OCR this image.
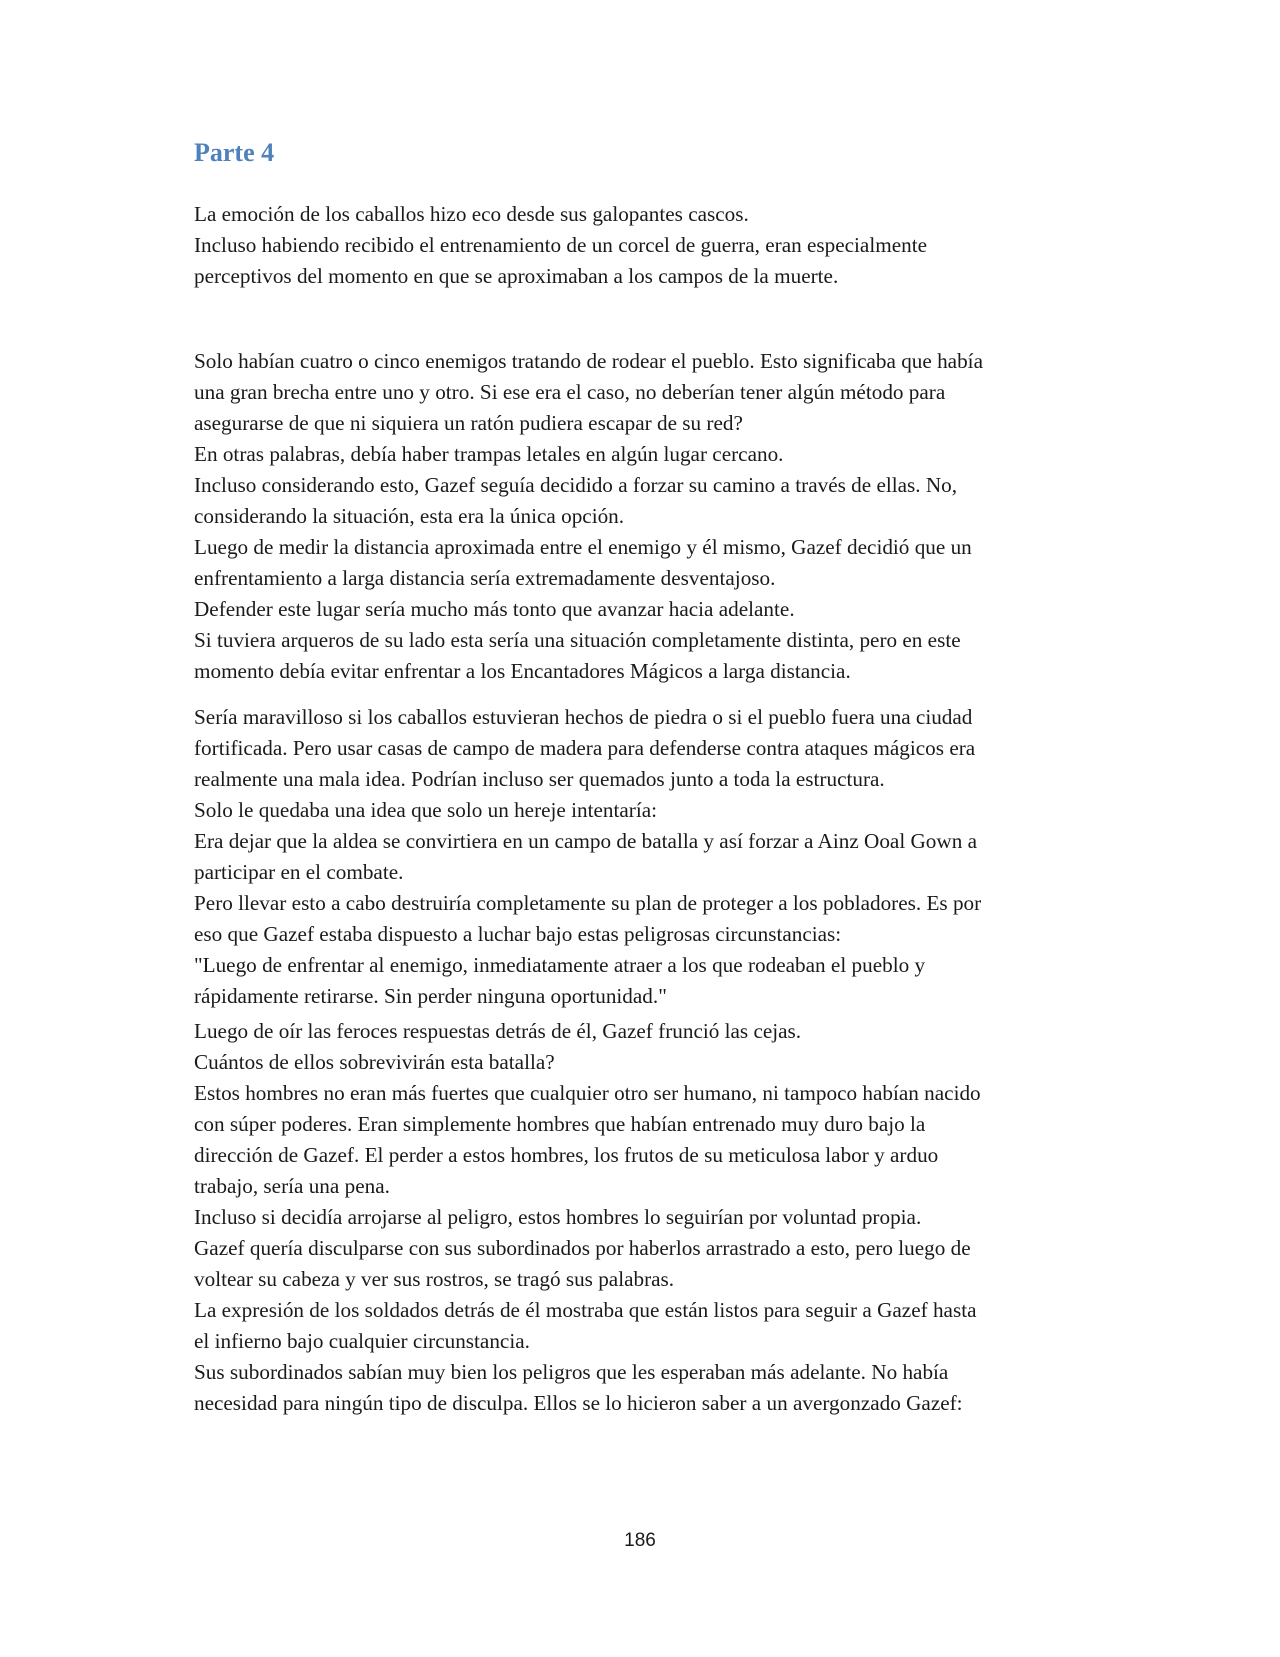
Parte 4
La emoción de los caballos hizo eco desde sus galopantes cascos.
Incluso habiendo recibido el entrenamiento de un corcel de guerra, eran especialmente
perceptivos del momento en que se aproximaban a los campos de la muerte.
Solo habían cuatro o cinco enemigos tratando de rodear el pueblo. Esto significaba que había
una gran brecha entre uno y otro. Si ese era el caso, no deberían tener algún método para
asegurarse de que ni siquiera un ratón pudiera escapar de su red?
En otras palabras, debía haber trampas letales en algún lugar cercano.
Incluso considerando esto, Gazef seguía decidido a forzar su camino a través de ellas. No,
considerando la situación, esta era la única opción.
Luego de medir la distancia aproximada entre el enemigo y él mismo, Gazef decidió que un
enfrentamiento a larga distancia sería extremadamente desventajoso.
Defender este lugar sería mucho más tonto que avanzar hacia adelante.
Si tuviera arqueros de su lado esta sería una situación completamente distinta, pero en este
momento debía evitar enfrentar a los Encantadores Mágicos a larga distancia.
Sería maravilloso si los caballos estuvieran hechos de piedra o si el pueblo fuera una ciudad
fortificada. Pero usar casas de campo de madera para defenderse contra ataques mágicos era
realmente una mala idea. Podrían incluso ser quemados junto a toda la estructura.
Solo le quedaba una idea que solo un hereje intentaría:
Era dejar que la aldea se convirtiera en un campo de batalla y así forzar a Ainz Ooal Gown a
participar en el combate.
Pero llevar esto a cabo destruiría completamente su plan de proteger a los pobladores. Es por
eso que Gazef estaba dispuesto a luchar bajo estas peligrosas circunstancias:
"Luego de enfrentar al enemigo, inmediatamente atraer a los que rodeaban el pueblo y
rápidamente retirarse. Sin perder ninguna oportunidad."
Luego de oír las feroces respuestas detrás de él, Gazef frunció las cejas.
Cuántos de ellos sobrevivirán esta batalla?
Estos hombres no eran más fuertes que cualquier otro ser humano, ni tampoco habían nacido
con súper poderes. Eran simplemente hombres que habían entrenado muy duro bajo la
dirección de Gazef. El perder a estos hombres, los frutos de su meticulosa labor y arduo
trabajo, sería una pena.
Incluso si decidía arrojarse al peligro, estos hombres lo seguirían por voluntad propia.
Gazef quería disculparse con sus subordinados por haberlos arrastrado a esto, pero luego de
voltear su cabeza y ver sus rostros, se tragó sus palabras.
La expresión de los soldados detrás de él mostraba que están listos para seguir a Gazef hasta
el infierno bajo cualquier circunstancia.
Sus subordinados sabían muy bien los peligros que les esperaban más adelante. No había
necesidad para ningún tipo de disculpa. Ellos se lo hicieron saber a un avergonzado Gazef:
186
